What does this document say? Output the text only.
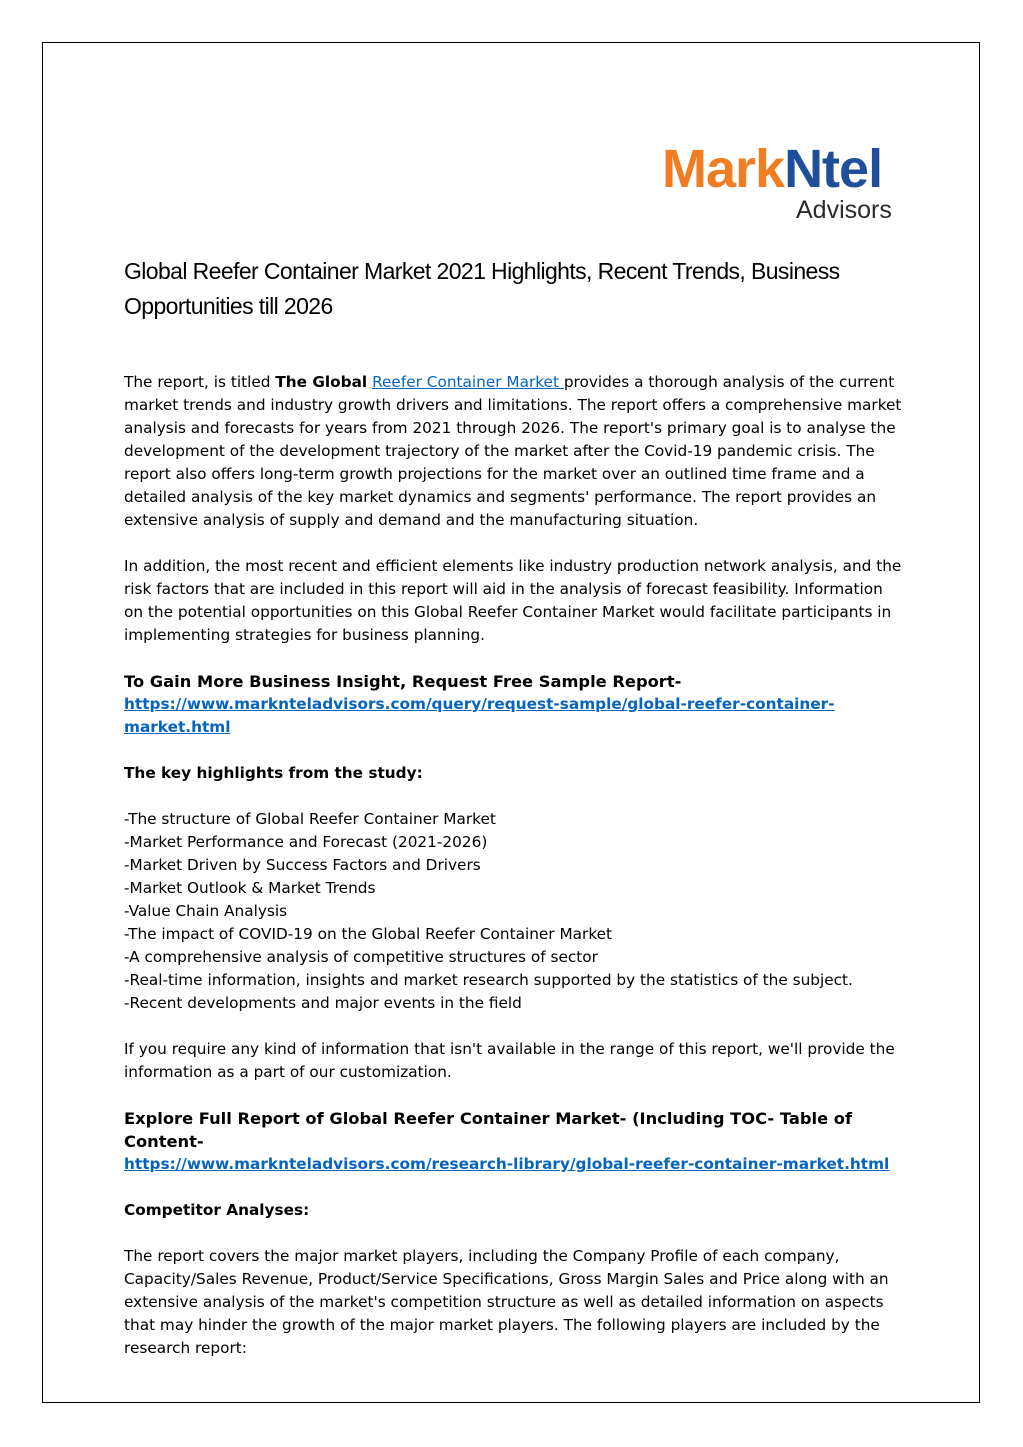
MarkNtel
Advisors
Global Reefer Container Market 2021 Highlights, Recent Trends, Business Opportunities till 2026

The report, is titled The Global Reefer Container Market provides a thorough analysis of the current market trends and industry growth drivers and limitations. The report offers a comprehensive market analysis and forecasts for years from 2021 through 2026. The report's primary goal is to analyse the development of the development trajectory of the market after the Covid-19 pandemic crisis. The report also offers long-term growth projections for the market over an outlined time frame and a detailed analysis of the key market dynamics and segments' performance. The report provides an extensive analysis of supply and demand and the manufacturing situation.

In addition, the most recent and efficient elements like industry production network analysis, and the risk factors that are included in this report will aid in the analysis of forecast feasibility. Information on the potential opportunities on this Global Reefer Container Market would facilitate participants in implementing strategies for business planning.

To Gain More Business Insight, Request Free Sample Report-
https://www.marknteladvisors.com/query/request-sample/global-reefer-container-market.html
The key highlights from the study:
-The structure of Global Reefer Container Market
-Market Performance and Forecast (2021-2026)
-Market Driven by Success Factors and Drivers
-Market Outlook & Market Trends
-Value Chain Analysis
-The impact of COVID-19 on the Global Reefer Container Market
-A comprehensive analysis of competitive structures of sector
-Real-time information, insights and market research supported by the statistics of the subject.
-Recent developments and major events in the field

If you require any kind of information that isn't available in the range of this report, we'll provide the information as a part of our customization.

Explore Full Report of Global Reefer Container Market- (Including TOC- Table of Content-
https://www.marknteladvisors.com/research-library/global-reefer-container-market.html
Competitor Analyses:

The report covers the major market players, including the Company Profile of each company, Capacity/Sales Revenue, Product/Service Specifications, Gross Margin Sales and Price along with an extensive analysis of the market's competition structure as well as detailed information on aspects that may hinder the growth of the major market players. The following players are included by the research report:
